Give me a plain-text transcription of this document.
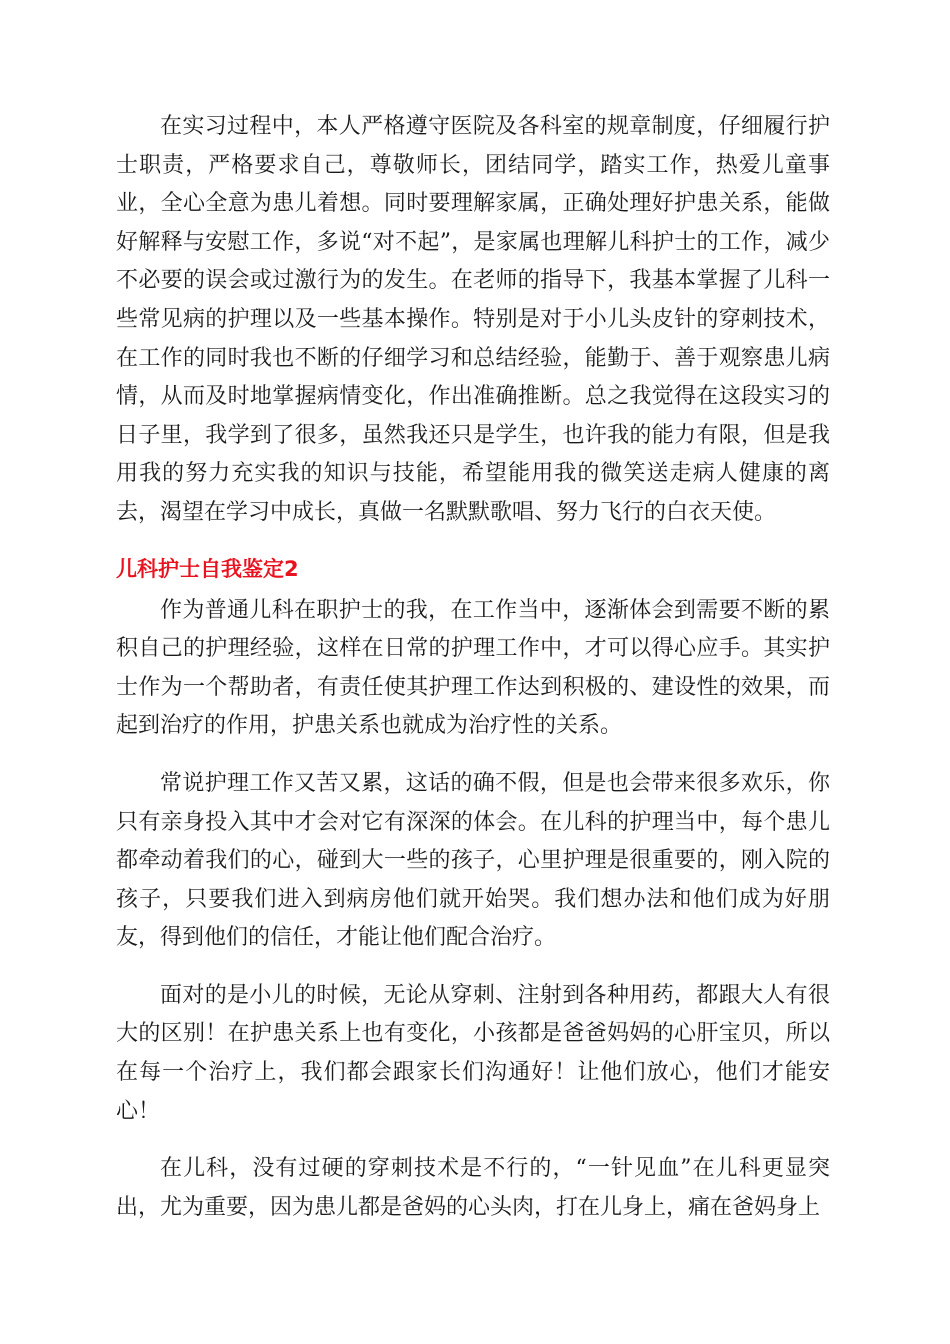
在实习过程中，本人严格遵守医院及各科室的规章制度，仔细履行护士职责，严格要求自己，尊敬师长，团结同学，踏实工作，热爱儿童事业，全心全意为患儿着想。同时要理解家属，正确处理好护患关系，能做好解释与安慰工作，多说“对不起”，是家属也理解儿科护士的工作，减少不必要的误会或过激行为的发生。在老师的指导下，我基本掌握了儿科一些常见病的护理以及一些基本操作。特别是对于小儿头皮针的穿刺技术，在工作的同时我也不断的仔细学习和总结经验，能勤于、善于观察患儿病情，从而及时地掌握病情变化，作出准确推断。总之我觉得在这段实习的日子里，我学到了很多，虽然我还只是学生，也许我的能力有限，但是我用我的努力充实我的知识与技能，希望能用我的微笑送走病人健康的离去，渴望在学习中成长，真做一名默默歌唱、努力飞行的白衣天使。

儿科护士自我鉴定2

作为普通儿科在职护士的我，在工作当中，逐渐体会到需要不断的累积自己的护理经验，这样在日常的护理工作中，才可以得心应手。其实护士作为一个帮助者，有责任使其护理工作达到积极的、建设性的效果，而起到治疗的作用，护患关系也就成为治疗性的关系。

常说护理工作又苦又累，这话的确不假，但是也会带来很多欢乐，你只有亲身投入其中才会对它有深深的体会。在儿科的护理当中，每个患儿都牵动着我们的心，碰到大一些的孩子，心里护理是很重要的，刚入院的孩子，只要我们进入到病房他们就开始哭。我们想办法和他们成为好朋友，得到他们的信任，才能让他们配合治疗。

面对的是小儿的时候，无论从穿刺、注射到各种用药，都跟大人有很大的区别！在护患关系上也有变化，小孩都是爸爸妈妈的心肝宝贝，所以在每一个治疗上，我们都会跟家长们沟通好！让他们放心，他们才能安心！

在儿科，没有过硬的穿刺技术是不行的，“一针见血”在儿科更显突出，尤为重要，因为患儿都是爸妈的心头肉，打在儿身上，痛在爸妈身上
